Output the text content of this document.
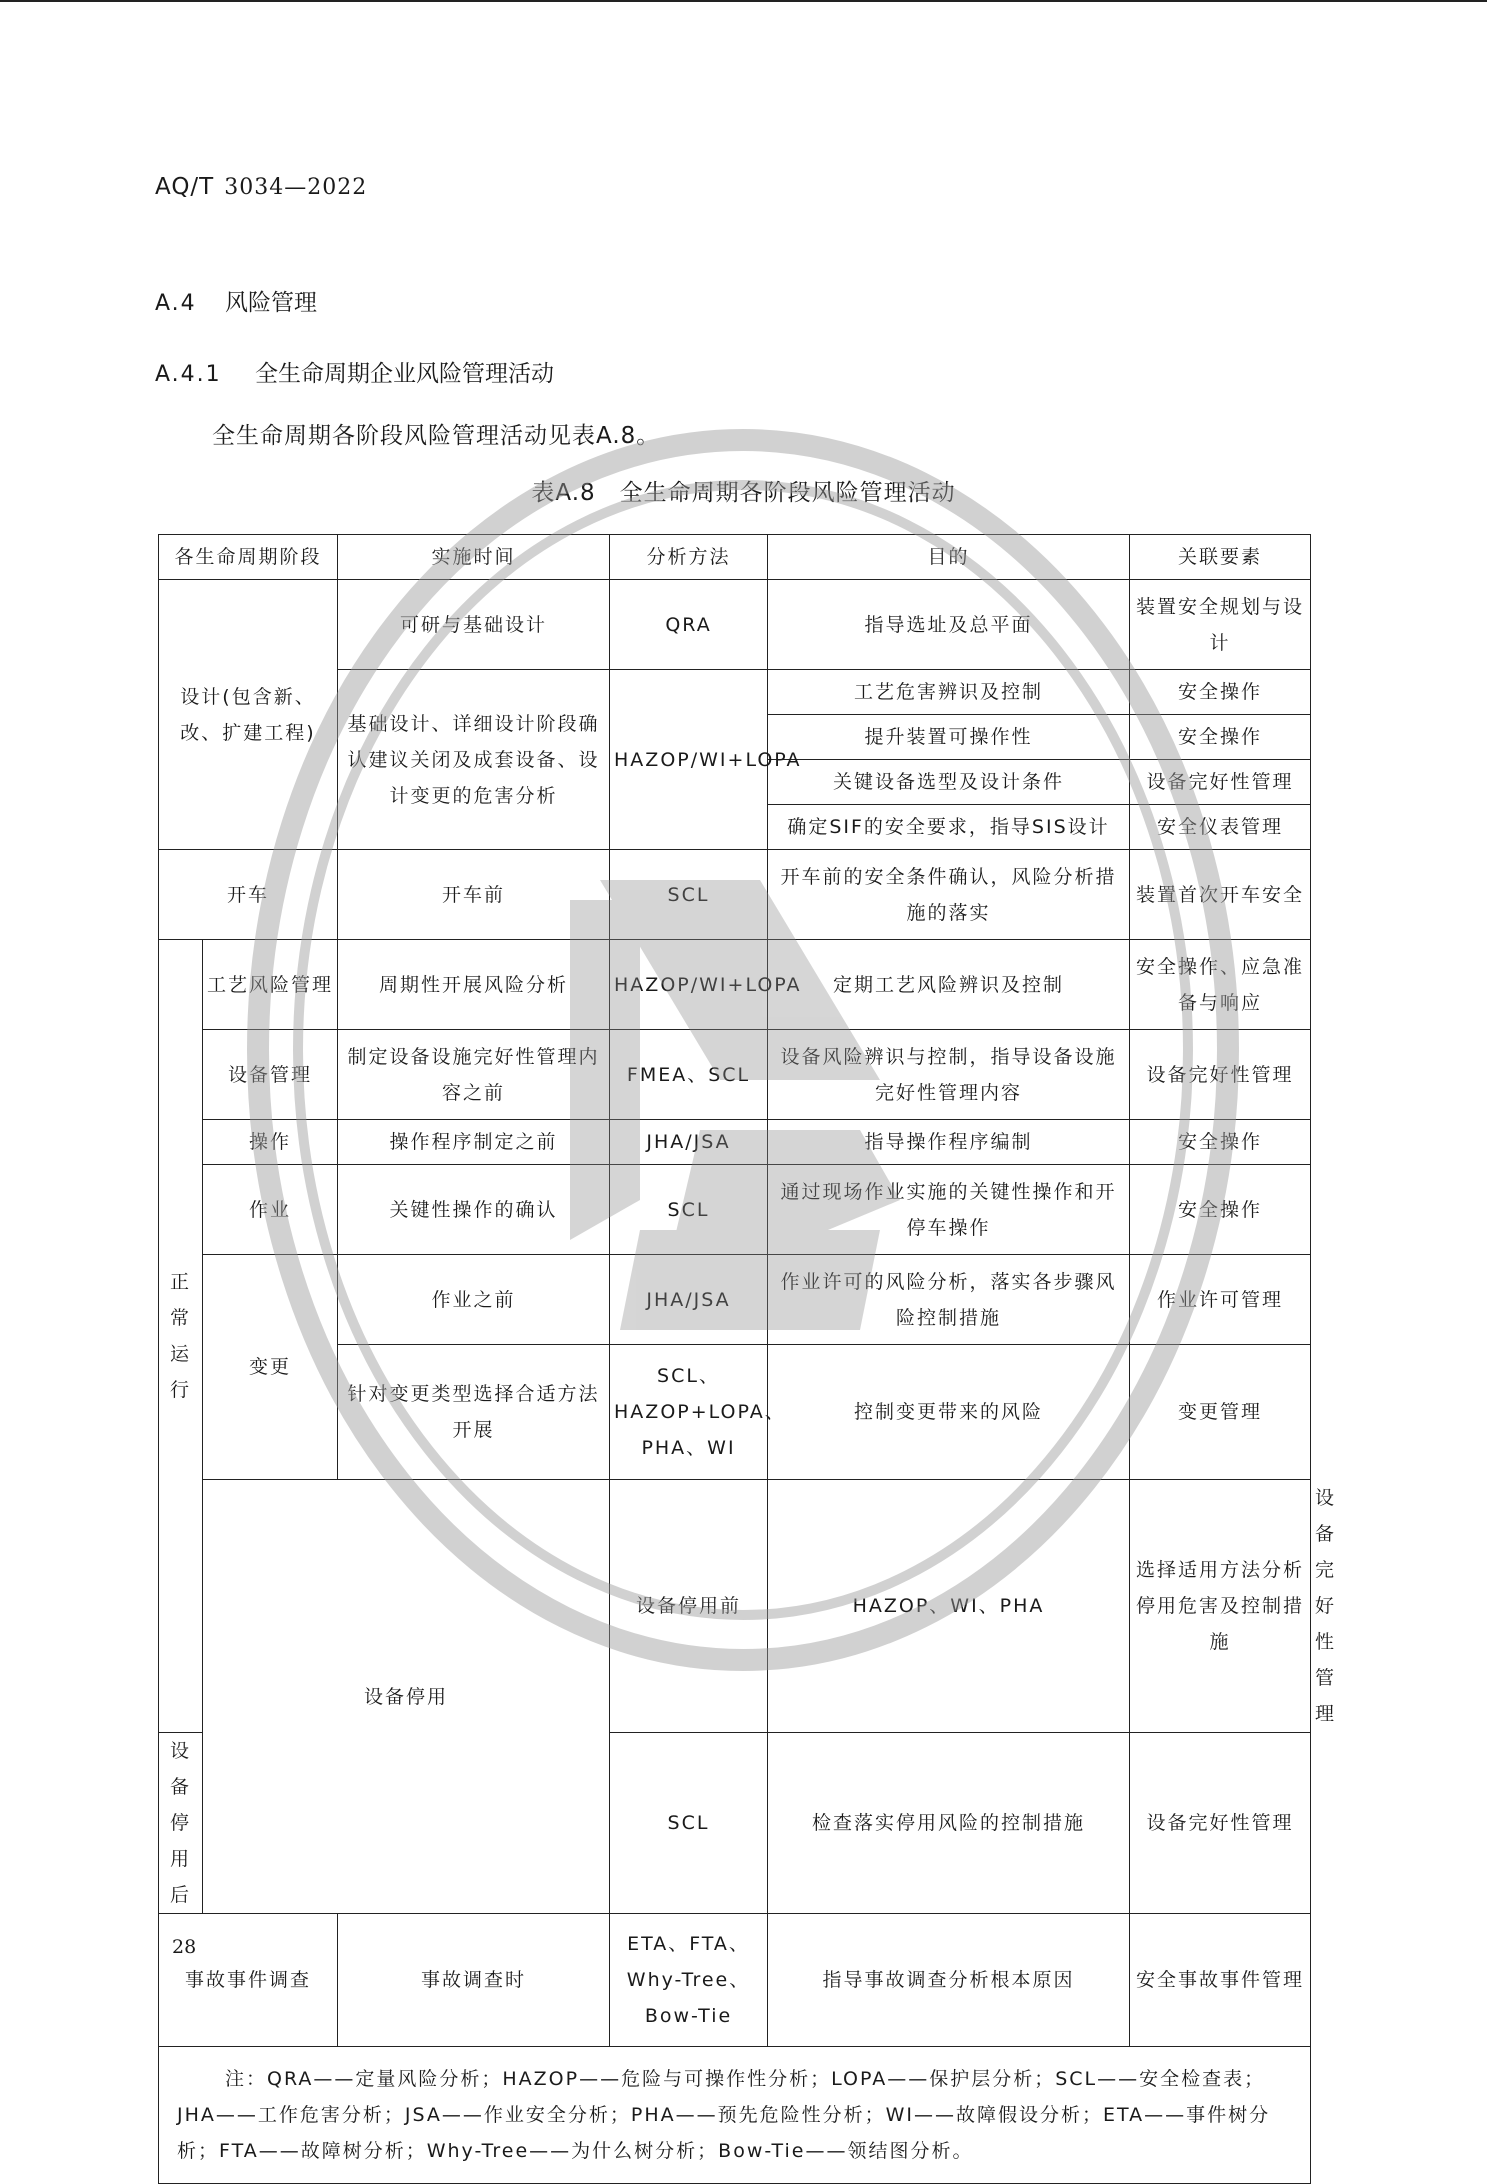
AQ/T 3034—2022
A.4 风险管理
A.4.1 全生命周期企业风险管理活动
全生命周期各阶段风险管理活动见表A.8。
表A.8　全生命周期各阶段风险管理活动
各生命周期阶段		实施时间	分析方法	目的	关联要素	
设计(包含新、改、扩建工程)		可研与基础设计	QRA	指导选址及总平面	装置安全规划与设计	
		基础设计、详细设计阶段确认建议关闭及成套设备、设计变更的危害分析	HAZOP/WI+LOPA	工艺危害辨识及控制	安全操作	
				提升装置可操作性	安全操作	
				关键设备选型及设计条件	设备完好性管理	
				确定SIF的安全要求，指导SIS设计	安全仪表管理	
开车		开车前	SCL	开车前的安全条件确认，风险分析措施的落实	装置首次开车安全	

正常运行	工艺风险管理	周期性开展风险分析	HAZOP/WI+LOPA	定期工艺风险辨识及控制	安全操作、应急准备与响应	
	设备管理	制定设备设施完好性管理内容之前	FMEA、SCL	设备风险辨识与控制，指导设备设施完好性管理内容	设备完好性管理	
	操作	操作程序制定之前	JHA/JSA	指导操作程序编制	安全操作	
	作业	关键性操作的确认	SCL	通过现场作业实施的关键性操作和开停车操作	安全操作	
	变更	作业之前	JHA/JSA	作业许可的风险分析，落实各步骤风险控制措施	作业许可管理	
		针对变更类型选择合适方法开展	SCL、HAZOP+LOPA、PHA、WI	控制变更带来的风险	变更管理	
	设备停用		设备停用前	HAZOP、WI、PHA	选择适用方法分析停用危害及控制措施	设备完好性管理
设备停用后			SCL	检查落实停用风险的控制措施	设备完好性管理	
事故事件调查		事故调查时	ETA、FTA、Why-Tree、Bow-Tie	指导事故调查分析根本原因	安全事故事件管理	

注：QRA——定量风险分析；HAZOP——危险与可操作性分析；LOPA——保护层分析；SCL——安全检查表；JHA——工作危害分析；JSA——作业安全分析；PHA——预先危险性分析；WI——故障假设分析；ETA——事件树分析；FTA——故障树分析；Why-Tree——为什么树分析；Bow-Tie——领结图分析。						
28
